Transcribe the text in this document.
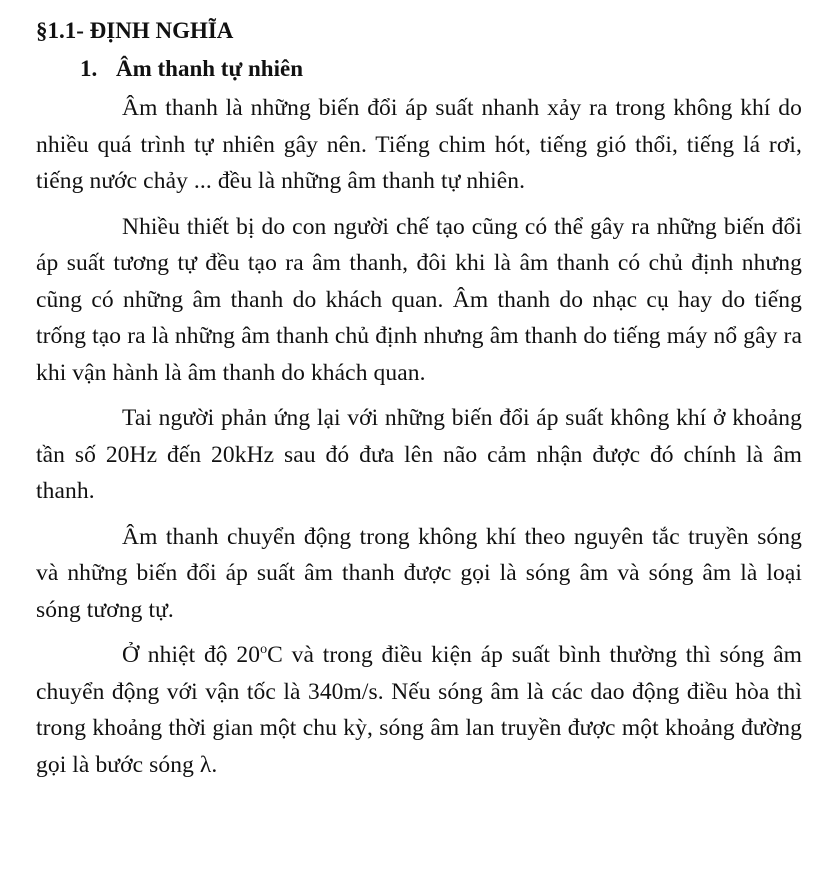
§1.1- ĐỊNH NGHĨA
1. Âm thanh tự nhiên

Âm thanh là những biến đổi áp suất nhanh xảy ra trong không khí do nhiều quá trình tự nhiên gây nên. Tiếng chim hót, tiếng gió thổi, tiếng lá rơi, tiếng nước chảy ... đều là những âm thanh tự nhiên.

Nhiều thiết bị do con người chế tạo cũng có thể gây ra những biến đổi áp suất tương tự đều tạo ra âm thanh, đôi khi là âm thanh có chủ định nhưng cũng có những âm thanh do khách quan. Âm thanh do nhạc cụ hay do tiếng trống tạo ra là những âm thanh chủ định nhưng âm thanh do tiếng máy nổ gây ra khi vận hành là âm thanh do khách quan.

Tai người phản ứng lại với những biến đổi áp suất không khí ở khoảng tần số 20Hz đến 20kHz sau đó đưa lên não cảm nhận được đó chính là âm thanh.

Âm thanh chuyển động trong không khí theo nguyên tắc truyền sóng và những biến đổi áp suất âm thanh được gọi là sóng âm và sóng âm là loại sóng tương tự.

Ở nhiệt độ 20$^o$C và trong điều kiện áp suất bình thường thì sóng âm chuyển động với vận tốc là 340m/s. Nếu sóng âm là các dao động điều hòa thì trong khoảng thời gian một chu kỳ, sóng âm lan truyền được một khoảng đường gọi là bước sóng λ.
